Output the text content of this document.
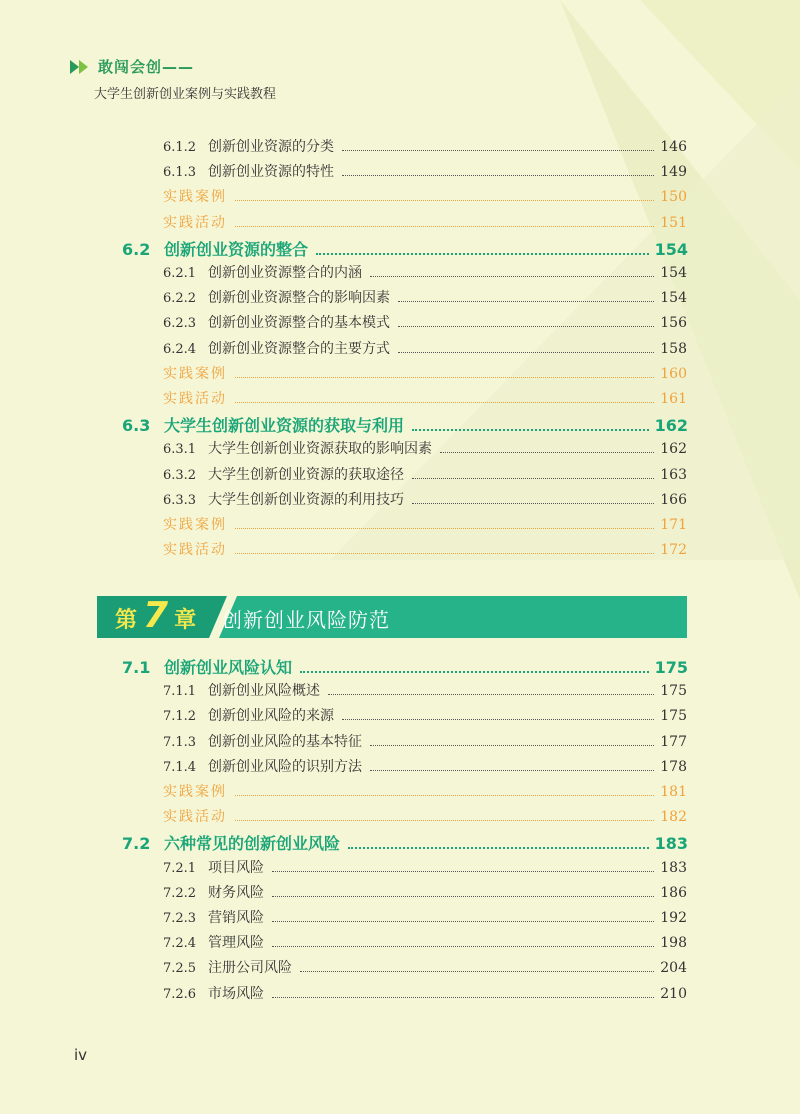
敢闯会创——
大学生创新创业案例与实践教程
6.1.2 创新创业资源的分类	146
6.1.3 创新创业资源的特性	149
实践案例	150
实践活动	151
6.2 创新创业资源的整合	154
6.2.1 创新创业资源整合的内涵	154
6.2.2 创新创业资源整合的影响因素	154
6.2.3 创新创业资源整合的基本模式	156
6.2.4 创新创业资源整合的主要方式	158
实践案例	160
实践活动	161
6.3 大学生创新创业资源的获取与利用	162
6.3.1 大学生创新创业资源获取的影响因素	162
6.3.2 大学生创新创业资源的获取途径	163
6.3.3 大学生创新创业资源的利用技巧	166
实践案例	171
实践活动	172
7.1 创新创业风险认知	175
7.1.1 创新创业风险概述	175
7.1.2 创新创业风险的来源	175
7.1.3 创新创业风险的基本特征	177
7.1.4 创新创业风险的识别方法	178
实践案例	181
实践活动	182
7.2 六种常见的创新创业风险	183
7.2.1 项目风险	183
7.2.2 财务风险	186
7.2.3 营销风险	192
7.2.4 管理风险	198
7.2.5 注册公司风险	204
7.2.6 市场风险	210
第 7 章 创新创业风险防范
iv
